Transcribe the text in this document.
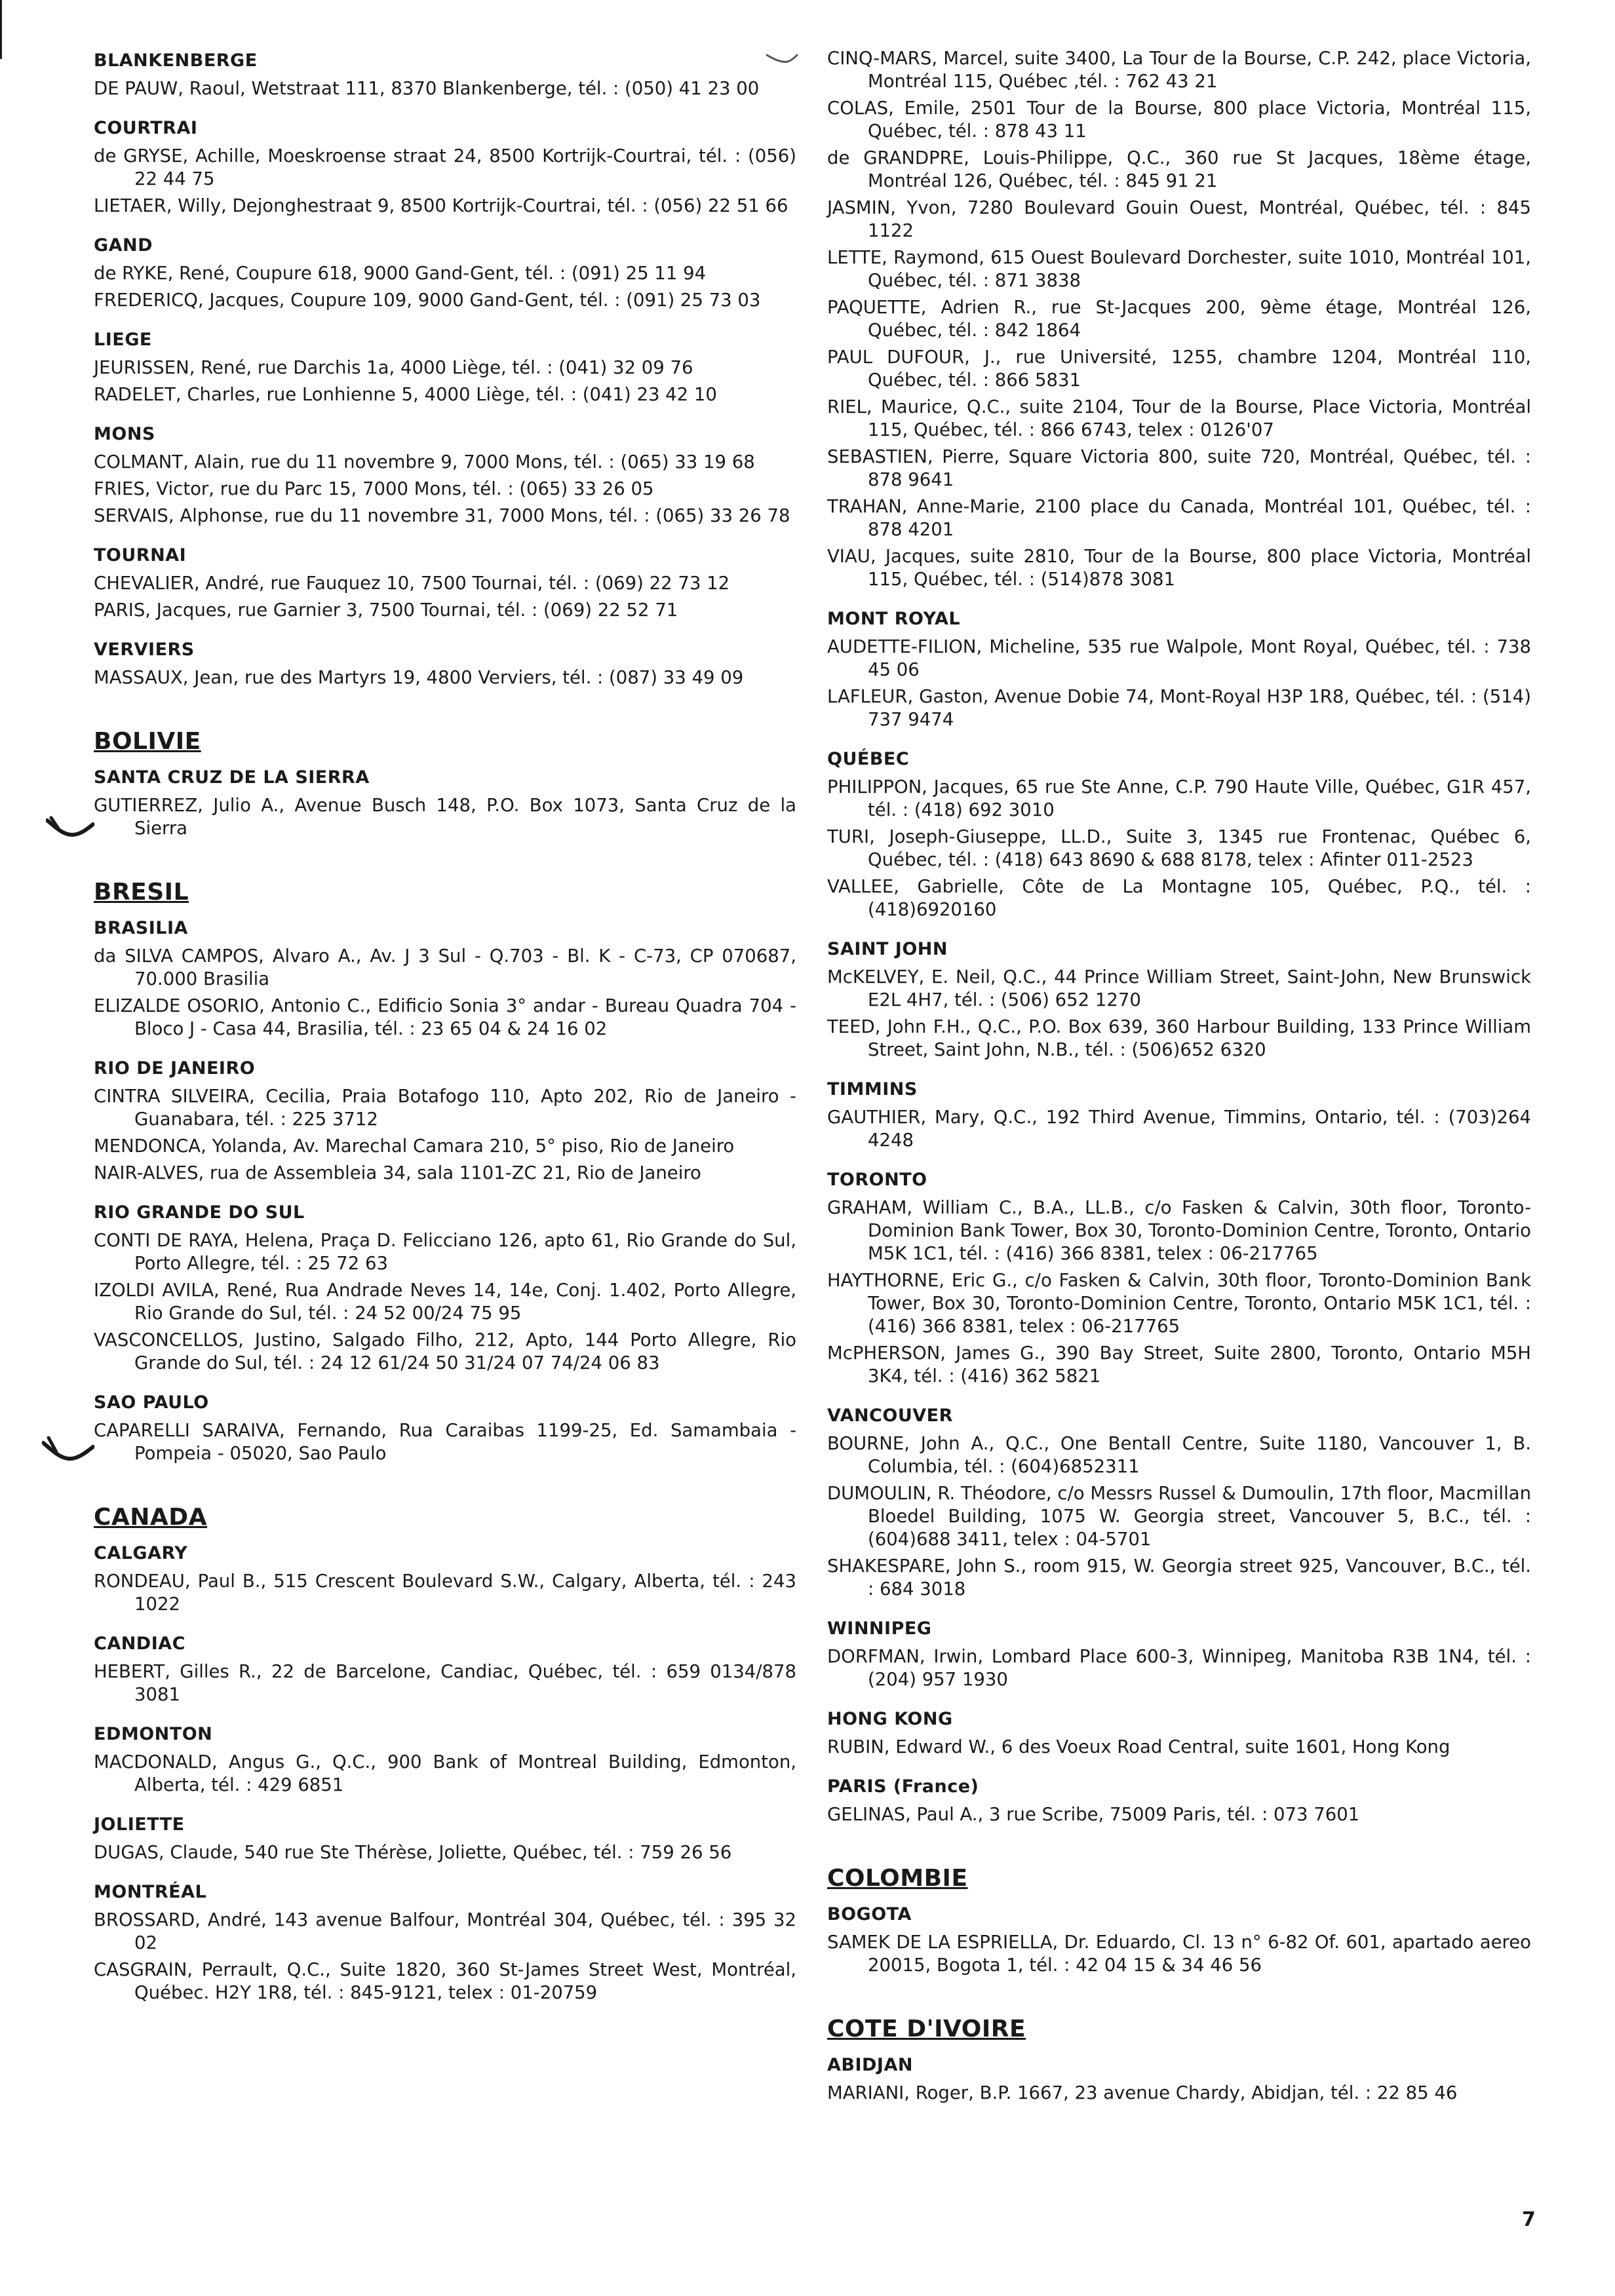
BLANKENBERGE

DE PAUW, Raoul, Wetstraat 111, 8370 Blankenberge, tél. : (050) 41 23 00

COURTRAI

de GRYSE, Achille, Moeskroense straat 24, 8500 Kortrijk-Courtrai, tél. : (056) 22 44 75

LIETAER, Willy, Dejonghestraat 9, 8500 Kortrijk-Courtrai, tél. : (056) 22 51 66

GAND

de RYKE, René, Coupure 618, 9000 Gand-Gent, tél. : (091) 25 11 94

FREDERICQ, Jacques, Coupure 109, 9000 Gand-Gent, tél. : (091) 25 73 03

LIEGE

JEURISSEN, René, rue Darchis 1a, 4000 Liège, tél. : (041) 32 09 76

RADELET, Charles, rue Lonhienne 5, 4000 Liège, tél. : (041) 23 42 10

MONS

COLMANT, Alain, rue du 11 novembre 9, 7000 Mons, tél. : (065) 33 19 68

FRIES, Victor, rue du Parc 15, 7000 Mons, tél. : (065) 33 26 05

SERVAIS, Alphonse, rue du 11 novembre 31, 7000 Mons, tél. : (065) 33 26 78

TOURNAI

CHEVALIER, André, rue Fauquez 10, 7500 Tournai, tél. : (069) 22 73 12

PARIS, Jacques, rue Garnier 3, 7500 Tournai, tél. : (069) 22 52 71

VERVIERS

MASSAUX, Jean, rue des Martyrs 19, 4800 Verviers, tél. : (087) 33 49 09

BOLIVIE
SANTA CRUZ DE LA SIERRA

GUTIERREZ, Julio A., Avenue Busch 148, P.O. Box 1073, Santa Cruz de la Sierra

BRESIL
BRASILIA

da SILVA CAMPOS, Alvaro A., Av. J 3 Sul - Q.703 - Bl. K - C-73, CP 070687, 70.000 Brasilia

ELIZALDE OSORIO, Antonio C., Edificio Sonia 3° andar - Bureau Quadra 704 - Bloco J - Casa 44, Brasilia, tél. : 23 65 04 & 24 16 02

RIO DE JANEIRO

CINTRA SILVEIRA, Cecilia, Praia Botafogo 110, Apto 202, Rio de Janeiro - Guanabara, tél. : 225 3712

MENDONCA, Yolanda, Av. Marechal Camara 210, 5° piso, Rio de Janeiro

NAIR-ALVES, rua de Assembleia 34, sala 1101-ZC 21, Rio de Janeiro

RIO GRANDE DO SUL

CONTI DE RAYA, Helena, Praça D. Felicciano 126, apto 61, Rio Grande do Sul, Porto Allegre, tél. : 25 72 63

IZOLDI AVILA, René, Rua Andrade Neves 14, 14e, Conj. 1.402, Porto Allegre, Rio Grande do Sul, tél. : 24 52 00/24 75 95

VASCONCELLOS, Justino, Salgado Filho, 212, Apto, 144 Porto Allegre, Rio Grande do Sul, tél. : 24 12 61/24 50 31/24 07 74/24 06 83

SAO PAULO

CAPARELLI SARAIVA, Fernando, Rua Caraibas 1199-25, Ed. Samambaia - Pompeia - 05020, Sao Paulo

CANADA
CALGARY

RONDEAU, Paul B., 515 Crescent Boulevard S.W., Calgary, Alberta, tél. : 243 1022

CANDIAC

HEBERT, Gilles R., 22 de Barcelone, Candiac, Québec, tél. : 659 0134/878 3081

EDMONTON

MACDONALD, Angus G., Q.C., 900 Bank of Montreal Building, Edmonton, Alberta, tél. : 429 6851

JOLIETTE

DUGAS, Claude, 540 rue Ste Thérèse, Joliette, Québec, tél. : 759 26 56

MONTRÉAL

BROSSARD, André, 143 avenue Balfour, Montréal 304, Québec, tél. : 395 32 02

CASGRAIN, Perrault, Q.C., Suite 1820, 360 St-James Street West, Montréal, Québec. H2Y 1R8, tél. : 845-9121, telex : 01-20759

CINQ-MARS, Marcel, suite 3400, La Tour de la Bourse, C.P. 242, place Victoria, Montréal 115, Québec ,tél. : 762 43 21

COLAS, Emile, 2501 Tour de la Bourse, 800 place Victoria, Montréal 115, Québec, tél. : 878 43 11

de GRANDPRE, Louis-Philippe, Q.C., 360 rue St Jacques, 18ème étage, Montréal 126, Québec, tél. : 845 91 21

JASMIN, Yvon, 7280 Boulevard Gouin Ouest, Montréal, Québec, tél. : 845 1122

LETTE, Raymond, 615 Ouest Boulevard Dorchester, suite 1010, Montréal 101, Québec, tél. : 871 3838

PAQUETTE, Adrien R., rue St-Jacques 200, 9ème étage, Montréal 126, Québec, tél. : 842 1864

PAUL DUFOUR, J., rue Université, 1255, chambre 1204, Montréal 110, Québec, tél. : 866 5831

RIEL, Maurice, Q.C., suite 2104, Tour de la Bourse, Place Victoria, Montréal 115, Québec, tél. : 866 6743, telex : 0126'07

SEBASTIEN, Pierre, Square Victoria 800, suite 720, Montréal, Québec, tél. : 878 9641

TRAHAN, Anne-Marie, 2100 place du Canada, Montréal 101, Québec, tél. : 878 4201

VIAU, Jacques, suite 2810, Tour de la Bourse, 800 place Victoria, Montréal 115, Québec, tél. : (514)878 3081

MONT ROYAL

AUDETTE-FILION, Micheline, 535 rue Walpole, Mont Royal, Québec, tél. : 738 45 06

LAFLEUR, Gaston, Avenue Dobie 74, Mont-Royal H3P 1R8, Québec, tél. : (514) 737 9474

QUÉBEC

PHILIPPON, Jacques, 65 rue Ste Anne, C.P. 790 Haute Ville, Québec, G1R 457, tél. : (418) 692 3010

TURI, Joseph-Giuseppe, LL.D., Suite 3, 1345 rue Frontenac, Québec 6, Québec, tél. : (418) 643 8690 & 688 8178, telex : Afinter 011-2523

VALLEE, Gabrielle, Côte de La Montagne 105, Québec, P.Q., tél. : (418)6920160

SAINT JOHN

McKELVEY, E. Neil, Q.C., 44 Prince William Street, Saint-John, New Brunswick E2L 4H7, tél. : (506) 652 1270

TEED, John F.H., Q.C., P.O. Box 639, 360 Harbour Building, 133 Prince William Street, Saint John, N.B., tél. : (506)652 6320

TIMMINS

GAUTHIER, Mary, Q.C., 192 Third Avenue, Timmins, Ontario, tél. : (703)264 4248

TORONTO

GRAHAM, William C., B.A., LL.B., c/o Fasken & Calvin, 30th floor, Toronto-Dominion Bank Tower, Box 30, Toronto-Dominion Centre, Toronto, Ontario M5K 1C1, tél. : (416) 366 8381, telex : 06-217765

HAYTHORNE, Eric G., c/o Fasken & Calvin, 30th floor, Toronto-Dominion Bank Tower, Box 30, Toronto-Dominion Centre, Toronto, Ontario M5K 1C1, tél. : (416) 366 8381, telex : 06-217765

McPHERSON, James G., 390 Bay Street, Suite 2800, Toronto, Ontario M5H 3K4, tél. : (416) 362 5821

VANCOUVER

BOURNE, John A., Q.C., One Bentall Centre, Suite 1180, Vancouver 1, B. Columbia, tél. : (604)6852311

DUMOULIN, R. Théodore, c/o Messrs Russel & Dumoulin, 17th floor, Macmillan Bloedel Building, 1075 W. Georgia street, Vancouver 5, B.C., tél. : (604)688 3411, telex : 04-5701

SHAKESPARE, John S., room 915, W. Georgia street 925, Vancouver, B.C., tél. : 684 3018

WINNIPEG

DORFMAN, Irwin, Lombard Place 600-3, Winnipeg, Manitoba R3B 1N4, tél. : (204) 957 1930

HONG KONG

RUBIN, Edward W., 6 des Voeux Road Central, suite 1601, Hong Kong

PARIS (France)

GELINAS, Paul A., 3 rue Scribe, 75009 Paris, tél. : 073 7601

COLOMBIE
BOGOTA

SAMEK DE LA ESPRIELLA, Dr. Eduardo, Cl. 13 n° 6-82 Of. 601, apartado aereo 20015, Bogota 1, tél. : 42 04 15 & 34 46 56

COTE D'IVOIRE
ABIDJAN

MARIANI, Roger, B.P. 1667, 23 avenue Chardy, Abidjan, tél. : 22 85 46

7
